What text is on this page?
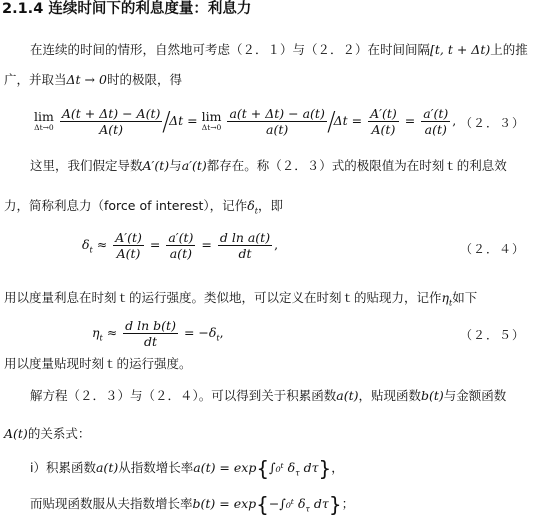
2.1.4 连续时间下的利息度量：利息力
在连续的时间的情形，自然地可考虑（２．１）与（２．２）在时间间隔[t, t + Δt)上的推
广，并取当Δt → 0时的极限，得
lim
Δt→0
$\frac{A(t + \Delta t) - A(t)}{A(t)} /\Delta t = \lim$
Δt→0
$\frac{a(t + \Delta t) - a(t)}{a(t)} /\Delta t = \frac{A'(t)}{A(t)} = \frac{a'(t)}{a(t)}$ , （２．３）
这里，我们假定导数A′(t)与a′(t)都存在。称（２．３）式的极限值为在时刻ｔ的利息效
力，简称利息力（force of interest），记作$\delta_t$，即
$\delta_t \approx \frac{A'(t)}{A(t)} = \frac{a'(t)}{a(t)} = \frac{\text{d ln a(t)}}{dt}$ ,	（２．４）
用以度量利息在时刻ｔ的运行强度。类似地，可以定义在时刻ｔ的贴现力，记作$\eta_t$如下
$\eta_t \approx \frac{\text{d ln b(t)}}{dt} = -\delta_t$,	（２．５）
用以度量贴现时刻ｔ的运行强度。
解方程（２．３）与（２．４）。可以得到关于积累函数a(t)，贴现函数b(t)与金额函数
A(t)的关系式：
ⅰ）积累函数a(t)从指数增长率a(t) = exp{∫₀ᵗ $\delta_\tau$ dτ}，
而贴现函数服从夫指数增长率b(t) = exp{−∫₀ᵗ $\delta_\tau$ dτ}；
